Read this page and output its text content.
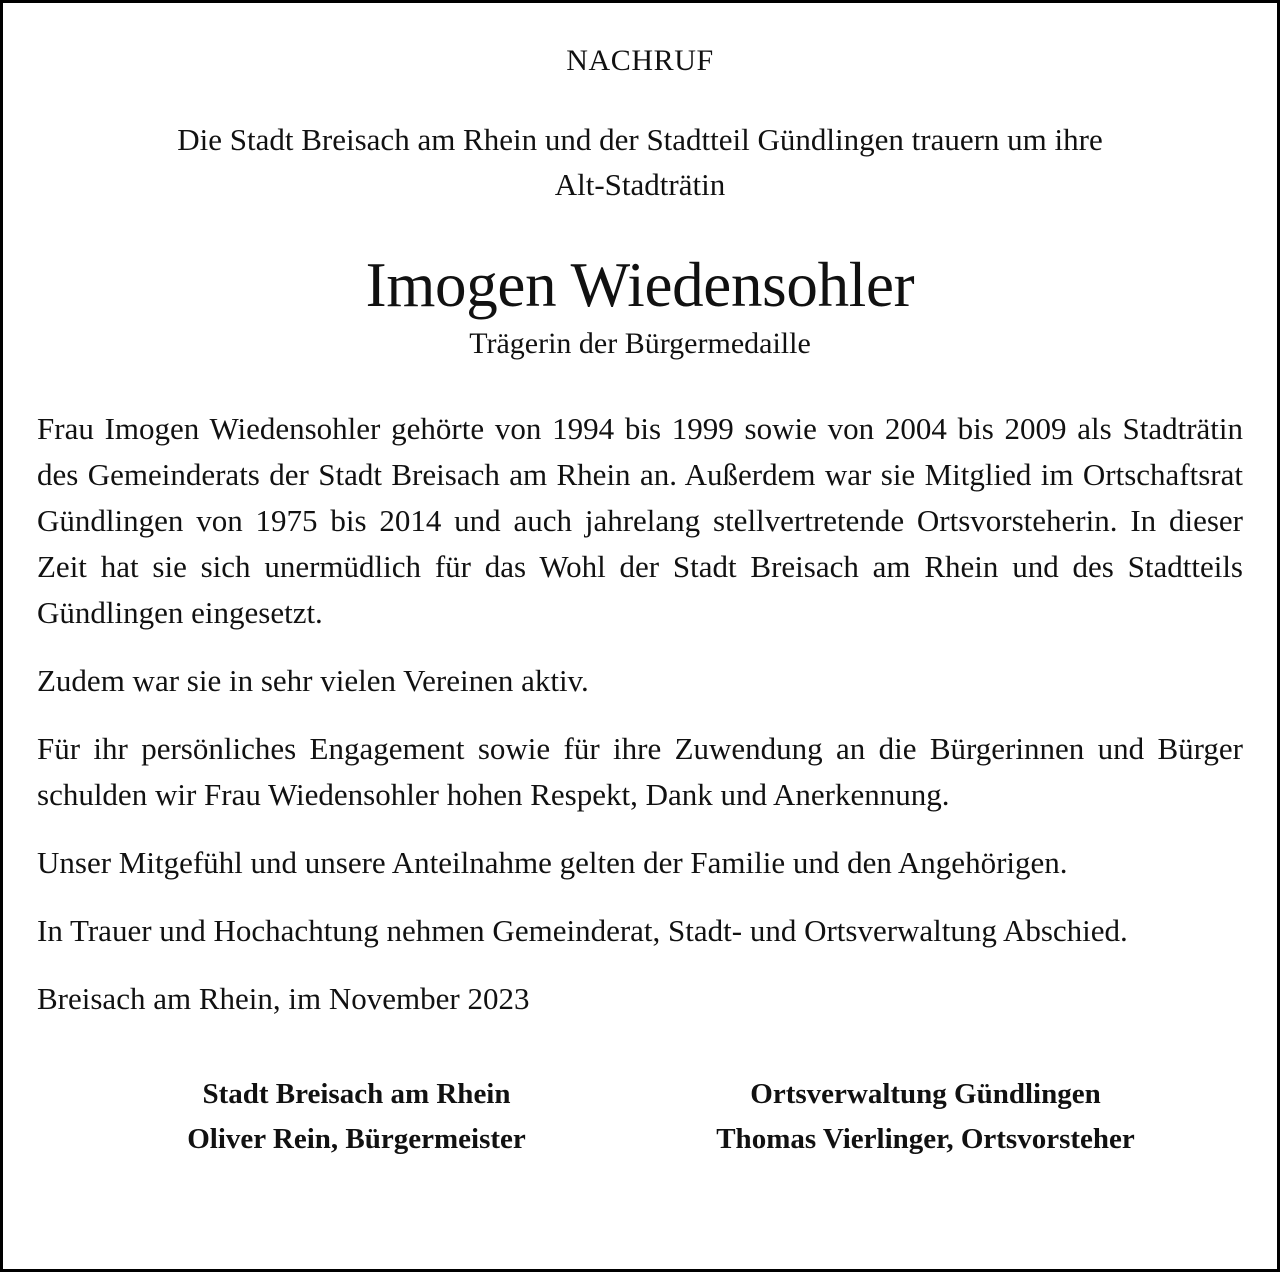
NACHRUF
Die Stadt Breisach am Rhein und der Stadtteil Gündlingen trauern um ihre
Alt-Stadträtin
Imogen Wiedensohler
Trägerin der Bürgermedaille

Frau Imogen Wiedensohler gehörte von 1994 bis 1999 sowie von 2004 bis 2009 als Stadträtin des Gemeinderats der Stadt Breisach am Rhein an. Außerdem war sie Mitglied im Ortschaftsrat Gündlingen von 1975 bis 2014 und auch jahrelang stellvertretende Ortsvorsteherin. In dieser Zeit hat sie sich unermüdlich für das Wohl der Stadt Breisach am Rhein und des Stadtteils Gündlingen eingesetzt.

Zudem war sie in sehr vielen Vereinen aktiv.

Für ihr persönliches Engagement sowie für ihre Zuwendung an die Bürgerinnen und Bürger schulden wir Frau Wiedensohler hohen Respekt, Dank und Anerkennung.

Unser Mitgefühl und unsere Anteilnahme gelten der Familie und den Angehörigen.

In Trauer und Hochachtung nehmen Gemeinderat, Stadt- und Ortsverwaltung Abschied.

Breisach am Rhein, im November 2023

Stadt Breisach am Rhein
Oliver Rein, Bürgermeister
Ortsverwaltung Gündlingen
Thomas Vierlinger, Ortsvorsteher
